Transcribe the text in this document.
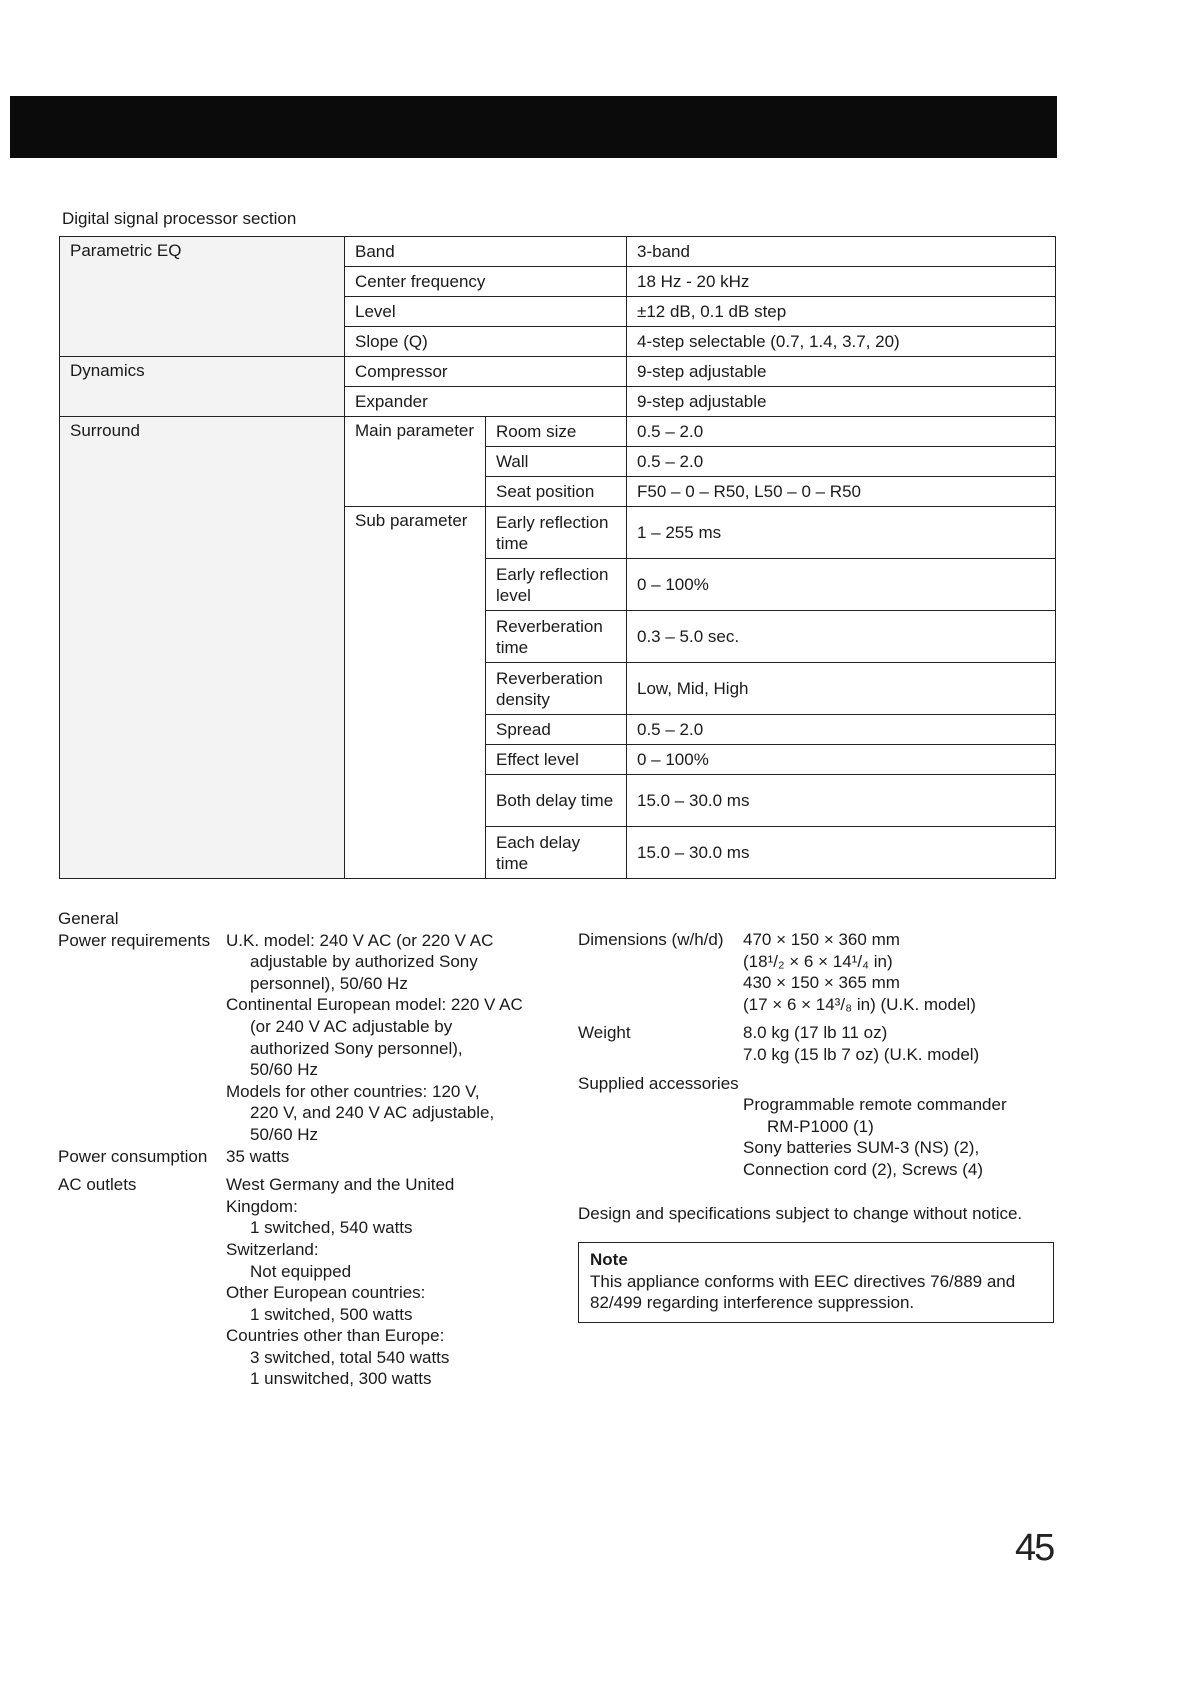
Digital signal processor section
Parametric EQ	Band		3-band
	Center frequency		18 Hz - 20 kHz
	Level		±12 dB, 0.1 dB step
	Slope (Q)		4-step selectable (0.7, 1.4, 3.7, 20)
Dynamics	Compressor		9-step adjustable
	Expander		9-step adjustable
Surround	Main parameter	Room size	0.5 – 2.0
		Wall	0.5 – 2.0
		Seat position	F50 – 0 – R50, L50 – 0 – R50
	Sub parameter	Early reflection time	1 – 255 ms
		Early reflection level	0 – 100%
		Reverberation time	0.3 – 5.0 sec.
		Reverberation density	Low, Mid, High
		Spread	0.5 – 2.0
		Effect level	0 – 100%
		Both delay time	15.0 – 30.0 ms
		Each delay time	15.0 – 30.0 ms
General
Power requirements U.K. model: 240 V AC (or 220 V AC
adjustable by authorized Sony
personnel), 50/60 Hz
Continental European model: 220 V AC
(or 240 V AC adjustable by
authorized Sony personnel),
50/60 Hz
Models for other countries: 120 V,
220 V, and 240 V AC adjustable,
50/60 Hz
Power consumption	35 watts
AC outlets	West Germany and the United
Kingdom:
1 switched, 540 watts
Switzerland:
Not equipped
Other European countries:
1 switched, 500 watts
Countries other than Europe:
3 switched, total 540 watts
1 unswitched, 300 watts
Dimensions (w/h/d)	470 × 150 × 360 mm
(18¹/₂ × 6 × 14¹/₄ in)
430 × 150 × 365 mm
(17 × 6 × 14³/₈ in) (U.K. model)
Weight	8.0 kg (17 lb 11 oz)
7.0 kg (15 lb 7 oz) (U.K. model)
Supplied accessories
Programmable remote commander
RM-P1000 (1)
Sony batteries SUM-3 (NS) (2),
Connection cord (2), Screws (4)
Design and specifications subject to change without notice.
Note
This appliance conforms with EEC directives 76/889 and
82/499 regarding interference suppression.
45
